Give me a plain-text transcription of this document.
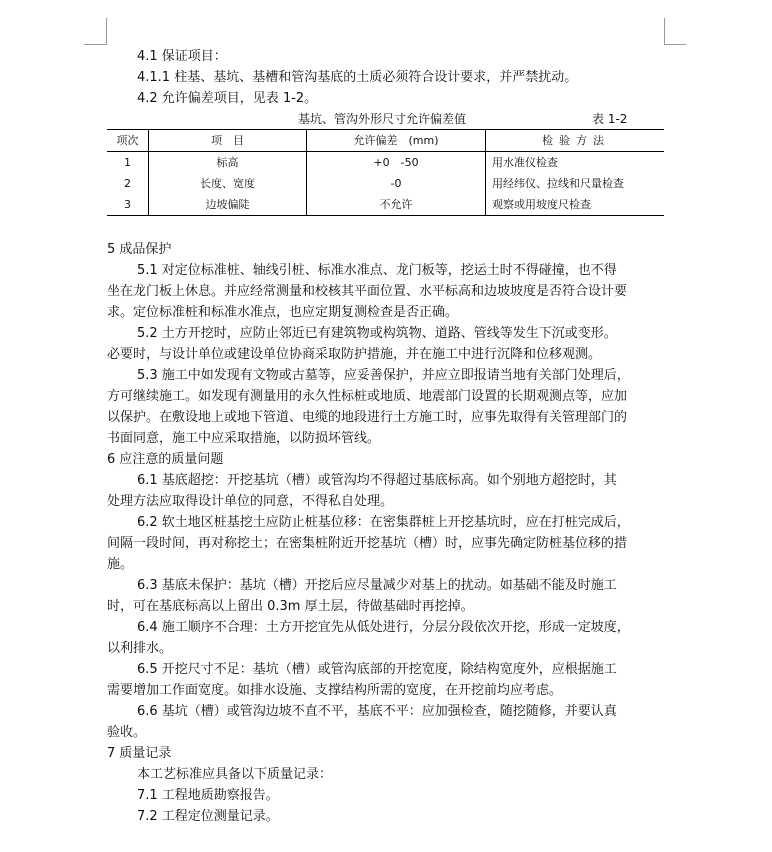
4.1 保证项目：
4.1.1 柱基、基坑、基槽和管沟基底的土质必须符合设计要求，并严禁扰动。
4.2 允许偏差项目，见表 1-2。
基坑、管沟外形尺寸允许偏差值	表 1-2
项次	项　目	允许偏差　(mm)	检验方法
1	标高	+0　-50	用水准仪检查
2	长度、宽度	-0	用经纬仪、拉线和尺量检查
3	边坡偏陡	不允许	观察或用坡度尺检查
5 成品保护
5.1 对定位标准桩、轴线引桩、标准水准点、龙门板等，挖运土时不得碰撞，也不得
坐在龙门板上休息。并应经常测量和校核其平面位置、水平标高和边坡坡度是否符合设计要
求。定位标准桩和标准水准点，也应定期复测检查是否正确。
5.2 土方开挖时，应防止邻近已有建筑物或构筑物、道路、管线等发生下沉或变形。
必要时，与设计单位或建设单位协商采取防护措施，并在施工中进行沉降和位移观测。
5.3 施工中如发现有文物或古墓等，应妥善保护，并应立即报请当地有关部门处理后，
方可继续施工。如发现有测量用的永久性标桩或地质、地震部门设置的长期观测点等，应加
以保护。在敷设地上或地下管道、电缆的地段进行土方施工时，应事先取得有关管理部门的
书面同意，施工中应采取措施，以防损坏管线。
6 应注意的质量问题
6.1 基底超挖：开挖基坑（槽）或管沟均不得超过基底标高。如个别地方超挖时，其
处理方法应取得设计单位的同意，不得私自处理。
6.2 软土地区桩基挖土应防止桩基位移：在密集群桩上开挖基坑时，应在打桩完成后，
间隔一段时间，再对称挖土；在密集桩附近开挖基坑（槽）时，应事先确定防桩基位移的措
施。
6.3 基底未保护：基坑（槽）开挖后应尽量减少对基上的扰动。如基础不能及时施工
时，可在基底标高以上留出 0.3m 厚土层，待做基础时再挖掉。
6.4 施工顺序不合理：土方开挖宜先从低处进行，分层分段依次开挖，形成一定坡度，
以利排水。
6.5 开挖尺寸不足：基坑（槽）或管沟底部的开挖宽度，除结构宽度外，应根据施工
需要增加工作面宽度。如排水设施、支撑结构所需的宽度，在开挖前均应考虑。
6.6 基坑（槽）或管沟边坡不直不平，基底不平：应加强检查，随挖随修，并要认真
验收。
7 质量记录
本工艺标准应具备以下质量记录：
7.1 工程地质勘察报告。
7.2 工程定位测量记录。
